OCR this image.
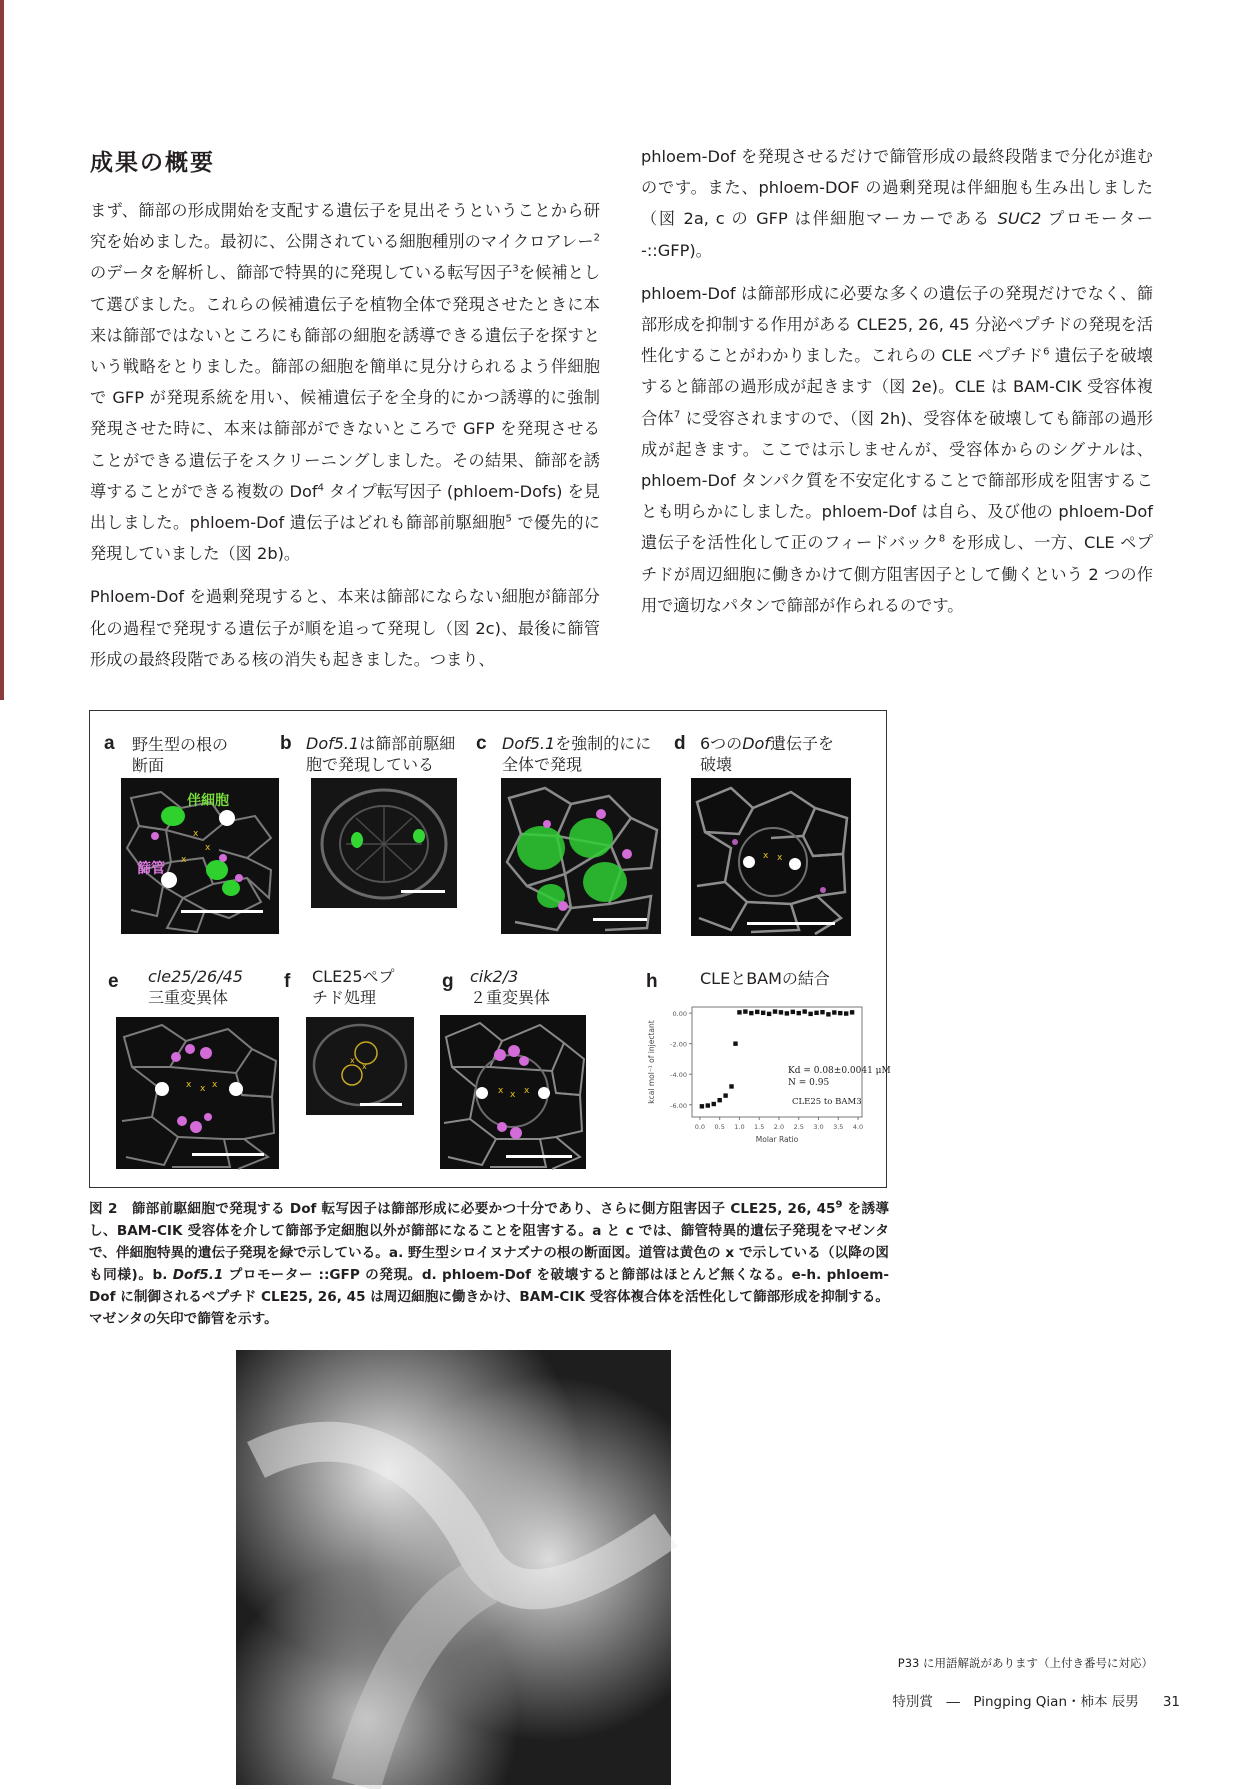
成果の概要

まず、篩部の形成開始を支配する遺伝子を見出そうということから研究を始めました。最初に、公開されている細胞種別のマイクロアレー$^2$のデータを解析し、篩部で特異的に発現している転写因子$^3$を候補として選びました。これらの候補遺伝子を植物全体で発現させたときに本来は篩部ではないところにも篩部の細胞を誘導できる遺伝子を探すという戦略をとりました。篩部の細胞を簡単に見分けられるよう伴細胞で GFP が発現系統を用い、候補遺伝子を全身的にかつ誘導的に強制発現させた時に、本来は篩部ができないところで GFP を発現させることができる遺伝子をスクリーニングしました。その結果、篩部を誘導することができる複数の Dof$^4$ タイプ転写因子 (phloem-Dofs) を見出しました。phloem-Dof 遺伝子はどれも篩部前駆細胞$^5$ で優先的に発現していました（図 2b)。

Phloem-Dof を過剰発現すると、本来は篩部にならない細胞が篩部分化の過程で発現する遺伝子が順を追って発現し（図 2c)、最後に篩管形成の最終段階である核の消失も起きました。つまり、

phloem-Dof を発現させるだけで篩管形成の最終段階まで分化が進むのです。また、phloem-DOF の過剰発現は伴細胞も生み出しました（図 2a, c の GFP は伴細胞マーカーである SUC2 プロモーター -::GFP)。

phloem-Dof は篩部形成に必要な多くの遺伝子の発現だけでなく、篩部形成を抑制する作用がある CLE25, 26, 45 分泌ペプチドの発現を活性化することがわかりました。これらの CLE ペプチド$^6$ 遺伝子を破壊すると篩部の過形成が起きます（図 2e)。CLE は BAM-CIK 受容体複合体$^7$ に受容されますので、（図 2h)、受容体を破壊しても篩部の過形成が起きます。ここでは示しませんが、受容体からのシグナルは、phloem-Dof タンパク質を不安定化することで篩部形成を阻害することも明らかにしました。phloem-Dof は自ら、及び他の phloem-Dof 遺伝子を活性化して正のフィードバック$^8$ を形成し、一方、CLE ペプチドが周辺細胞に働きかけて側方阻害因子として働くという 2 つの作用で適切なパタンで篩部が作られるのです。

a 野生型の根の
断面
x
x
x
伴細胞
篩管
b Dof5.1は篩部前駆細胞で発現している
c Dof5.1を強制的にに全体で発現
d 6つのDof遺伝子を破壊
x x
e cle25/26/45
三重変異体
x x x
f CLE25ペプ
チド処理
x
x
g cik2/3
２重変異体
x x x
h	CLEとBAMの結合
0.00
-2.00
-4.00
-6.00
0.0 0.5 1.0 1.5 2.0 2.5 3.0 3.5 4.0
Molar Ratio
kcal mol⁻¹ of injectant	Kd = 0.08±0.0041 μM
N = 0.95
CLE25 to BAM3

図 2　篩部前駆細胞で発現する Dof 転写因子は篩部形成に必要かつ十分であり、さらに側方阻害因子 CLE25, 26, $45^9$ を誘導し、BAM-CIK 受容体を介して篩部予定細胞以外が篩部になることを阻害する。a と c では、篩管特異的遺伝子発現をマゼンタで、伴細胞特異的遺伝子発現を緑で示している。a. 野生型シロイヌナズナの根の断面図。道管は黄色の x で示している（以降の図も同様)。b. Dof5.1 プロモーター ::GFP の発現。d. phloem-Dof を破壊すると篩部はほとんど無くなる。e-h. phloem-Dof に制御されるペプチド CLE25, 26, 45 は周辺細胞に働きかけ、BAM-CIK 受容体複合体を活性化して篩部形成を抑制する。マゼンタの矢印で篩管を示す。

P33 に用語解説があります（上付き番号に対応）
特別賞　―　Pingping Qian・柿本 辰男 31
